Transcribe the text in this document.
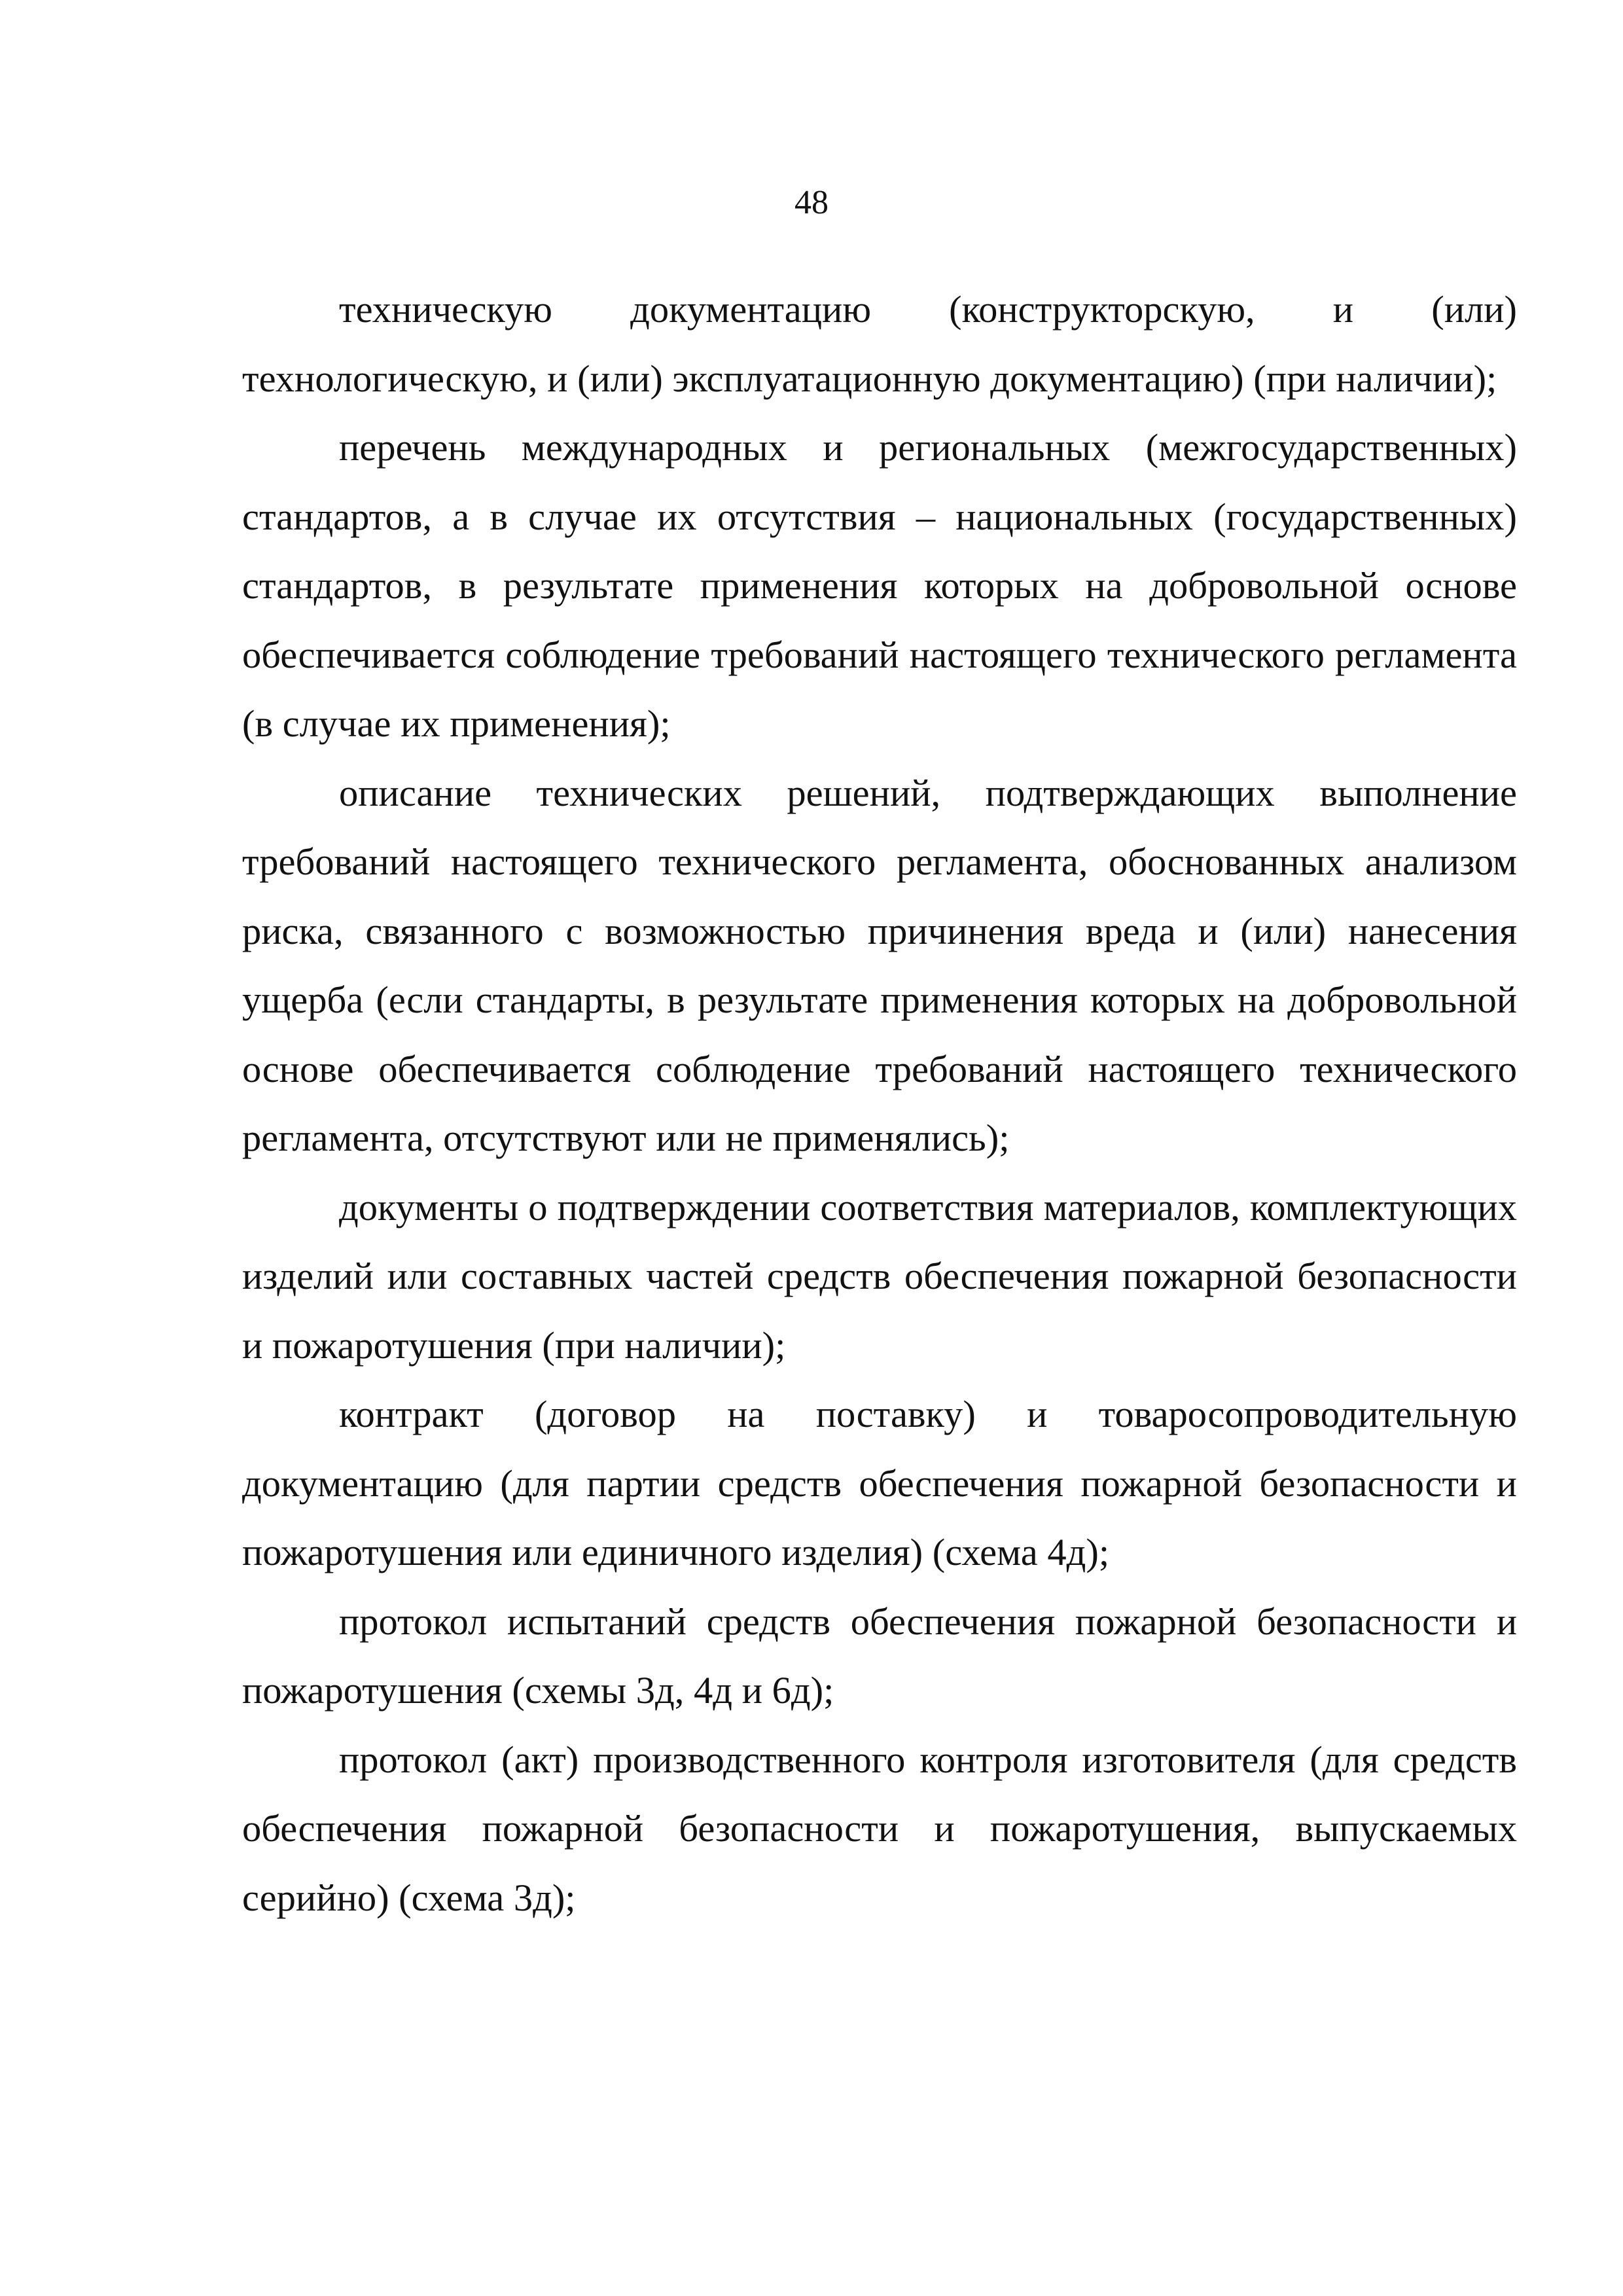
48

техническую документацию (конструкторскую, и (или) технологическую, и (или) эксплуатационную документацию) (при наличии);

перечень международных и региональных (межгосударственных) стандартов, а в случае их отсутствия – национальных (государственных) стандартов, в результате применения которых на добровольной основе обеспечивается соблюдение требований настоящего технического регламента (в случае их применения);

описание технических решений, подтверждающих выполнение требований настоящего технического регламента, обоснованных анализом риска, связанного с возможностью причинения вреда и (или) нанесения ущерба (если стандарты, в результате применения которых на добровольной основе обеспечивается соблюдение требований настоящего технического регламента, отсутствуют или не применялись);

документы о подтверждении соответствия материалов, комплектующих изделий или составных частей средств обеспечения пожарной безопасности и пожаротушения (при наличии);

контракт (договор на поставку) и товаросопроводительную документацию (для партии средств обеспечения пожарной безопасности и пожаротушения или единичного изделия) (схема 4д);

протокол испытаний средств обеспечения пожарной безопасности и пожаротушения (схемы 3д, 4д и 6д);

протокол (акт) производственного контроля изготовителя (для средств обеспечения пожарной безопасности и пожаротушения, выпускаемых серийно) (схема 3д);
